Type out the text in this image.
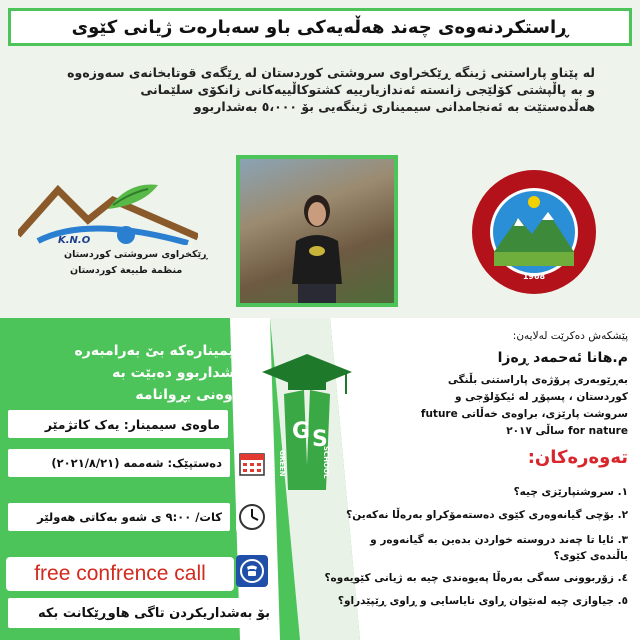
ڕاستکردنەوەی چەند هەڵەیەکی باو سەبارەت ژیانی کێوی
لە پێناو پاراستنی ژینگە ڕێکخراوی سروشتی کوردستان لە ڕێگەی قوتابخانەی سەوزەوە
و بە پاڵپشتی کۆلێجی زانستە ئەندازیارییە کشتوکاڵییەکانی زانکۆی سلێمانی
هەڵدەستێت بە ئەنجامدانی سیمیناری ژینگەیی بۆ ٥،٠٠٠ بەشداربوو
K.N.O
ڕێکخراوی سروشتی کوردستان
منظمة طبيعة كوردستان
1968
سیمینارەکە بێ بەرامبەرە
بەشداربوو دەبێت بە
خاوەنی بڕوانامە
ماوەی سیمینار: یەک کاتژمێر
دەستپێک: شەممە (٢٠٢١/٨/٢١)
کات/ ٩:٠٠ ی شەو بەکاتی هەولێر
free confrence call
بۆ بەشداریکردن تاگی هاوڕێکانت بکە
G S
GREEN	SCHOOL
پێشکەش دەکرێت لەلایەن:
م.هانا ئەحمەد ڕەزا
بەڕێوبەری پرۆژەی پاراستنی بڵنگی
کوردستان ، پسپۆڕ لە ئیکۆلۆجی و
سروشت پارێزی، براوەی خەڵاتی future
for nature ساڵی ٢٠١٧
تەوەرەکان:
١. سروشتپارێزی چیە؟
٢. بۆچی گیانەوەری کێوی دەستەمۆکراو بەرەڵا نەکەین؟
٣. ئایا تا چەند دروستە خواردن بدەین بە گیانەوەر و باڵندەی کێوی؟
٤. زۆربوونی سەگی بەرەڵا پەیوەندی چیە بە ژیانی کێویەوە؟
٥. جیاوازی چیە لەنێوان ڕاوی نایاسایی و ڕاوی ڕێپێدراو؟
